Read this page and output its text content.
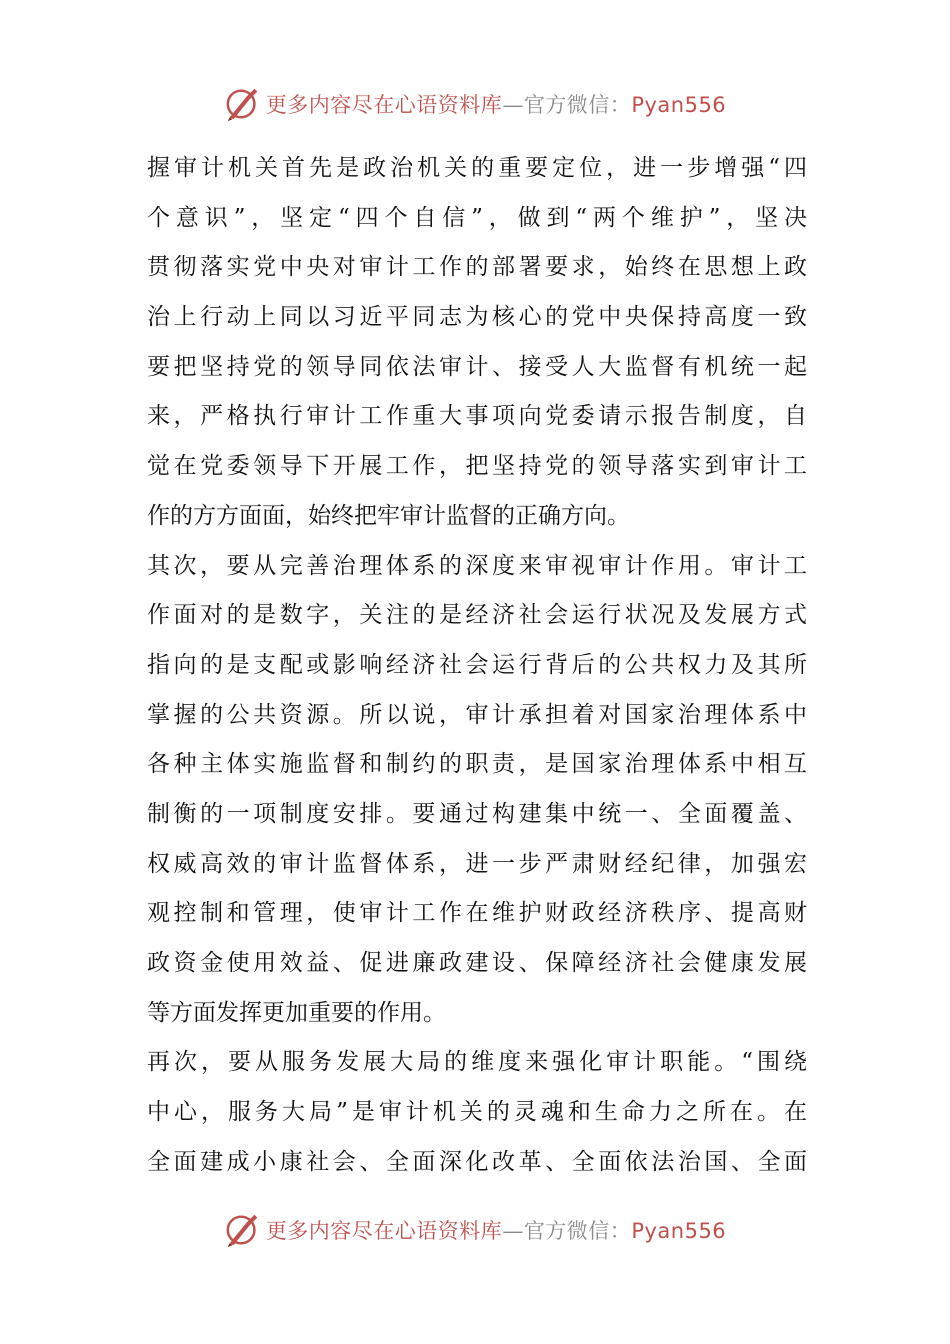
更多内容尽在心语资料库—官方微信：Pyan556
握审计机关首先是政治机关的重要定位，进一步增强“四
个意识”，坚定“四个自信”，做到“两个维护”，坚决
贯彻落实党中央对审计工作的部署要求，始终在思想上政
治上行动上同以习近平同志为核心的党中央保持高度一致
要把坚持党的领导同依法审计、接受人大监督有机统一起
来，严格执行审计工作重大事项向党委请示报告制度，自
觉在党委领导下开展工作，把坚持党的领导落实到审计工
作的方方面面，始终把牢审计监督的正确方向。
其次，要从完善治理体系的深度来审视审计作用。审计工
作面对的是数字，关注的是经济社会运行状况及发展方式
指向的是支配或影响经济社会运行背后的公共权力及其所
掌握的公共资源。所以说，审计承担着对国家治理体系中
各种主体实施监督和制约的职责，是国家治理体系中相互
制衡的一项制度安排。要通过构建集中统一、全面覆盖、
权威高效的审计监督体系，进一步严肃财经纪律，加强宏
观控制和管理，使审计工作在维护财政经济秩序、提高财
政资金使用效益、促进廉政建设、保障经济社会健康发展
等方面发挥更加重要的作用。
再次，要从服务发展大局的维度来强化审计职能。“围绕
中心，服务大局”是审计机关的灵魂和生命力之所在。在
全面建成小康社会、全面深化改革、全面依法治国、全面
更多内容尽在心语资料库—官方微信：Pyan556
